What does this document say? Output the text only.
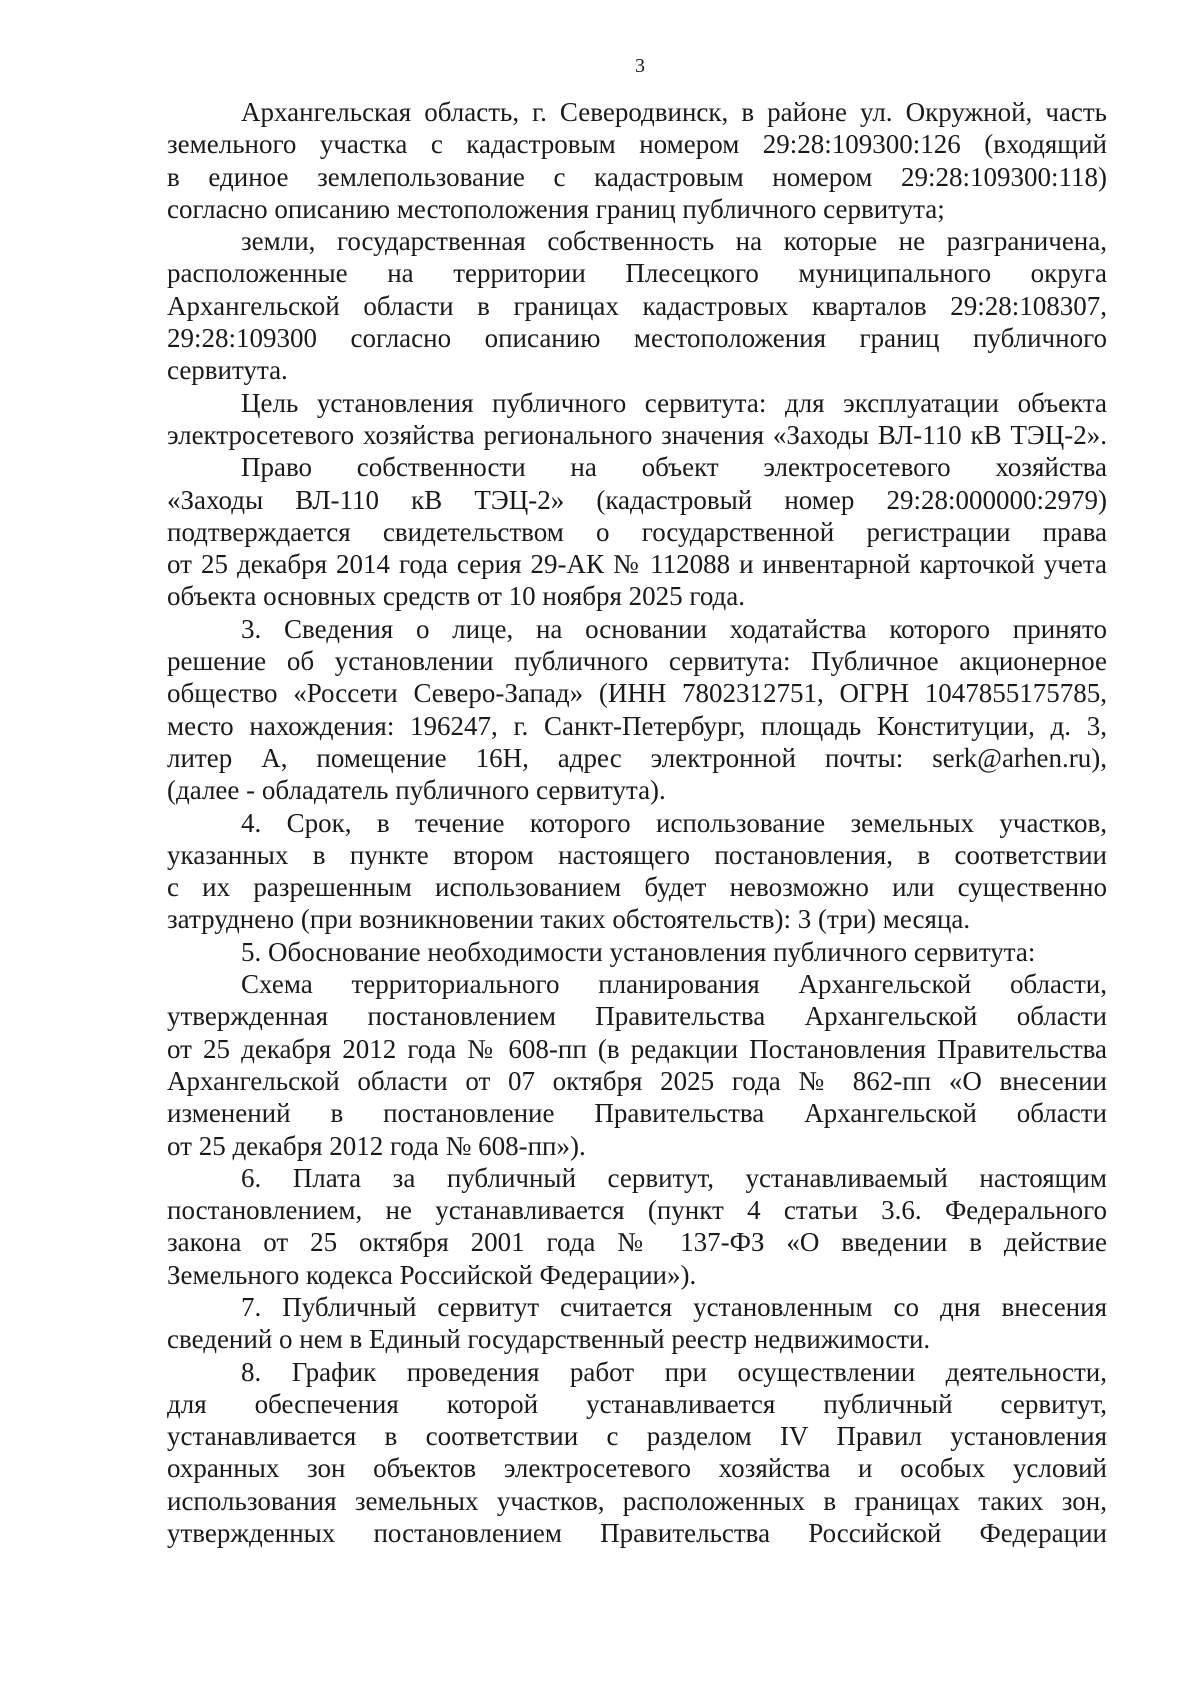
3
Архангельская область, г. Северодвинск, в районе ул. Окружной, часть
земельного участка с кадастровым номером 29:28:109300:126 (входящий
в единое землепользование с кадастровым номером 29:28:109300:118)
согласно описанию местоположения границ публичного сервитута;
земли, государственная собственность на которые не разграничена,
расположенные на территории Плесецкого муниципального округа
Архангельской области в границах кадастровых кварталов 29:28:108307,
29:28:109300 согласно описанию местоположения границ публичного
сервитута.
Цель установления публичного сервитута: для эксплуатации объекта
электросетевого хозяйства регионального значения «Заходы ВЛ-110 кВ ТЭЦ-2».
Право собственности на объект электросетевого хозяйства
«Заходы ВЛ-110 кВ ТЭЦ-2» (кадастровый номер 29:28:000000:2979)
подтверждается свидетельством о государственной регистрации права
от 25 декабря 2014 года серия 29-АК № 112088 и инвентарной карточкой учета
объекта основных средств от 10 ноября 2025 года.
3. Сведения о лице, на основании ходатайства которого принято
решение об установлении публичного сервитута: Публичное акционерное
общество «Россети Северо-Запад» (ИНН 7802312751, ОГРН 1047855175785,
место нахождения: 196247, г. Санкт-Петербург, площадь Конституции, д. 3,
литер А, помещение 16Н, адрес электронной почты: serk@arhen.ru),
(далее - обладатель публичного сервитута).
4. Срок, в течение которого использование земельных участков,
указанных в пункте втором настоящего постановления, в соответствии
с их разрешенным использованием будет невозможно или существенно
затруднено (при возникновении таких обстоятельств): 3 (три) месяца.
5. Обоснование необходимости установления публичного сервитута:
Схема территориального планирования Архангельской области,
утвержденная постановлением Правительства Архангельской области
от 25 декабря 2012 года № 608-пп (в редакции Постановления Правительства
Архангельской области от 07 октября 2025 года № 862-пп «О внесении
изменений в постановление Правительства Архангельской области
от 25 декабря 2012 года № 608-пп»).
6. Плата за публичный сервитут, устанавливаемый настоящим
постановлением, не устанавливается (пункт 4 статьи 3.6. Федерального
закона от 25 октября 2001 года № 137-ФЗ «О введении в действие
Земельного кодекса Российской Федерации»).
7. Публичный сервитут считается установленным со дня внесения
сведений о нем в Единый государственный реестр недвижимости.
8. График проведения работ при осуществлении деятельности,
для обеспечения которой устанавливается публичный сервитут,
устанавливается в соответствии с разделом IV Правил установления
охранных зон объектов электросетевого хозяйства и особых условий
использования земельных участков, расположенных в границах таких зон,
утвержденных постановлением Правительства Российской Федерации
